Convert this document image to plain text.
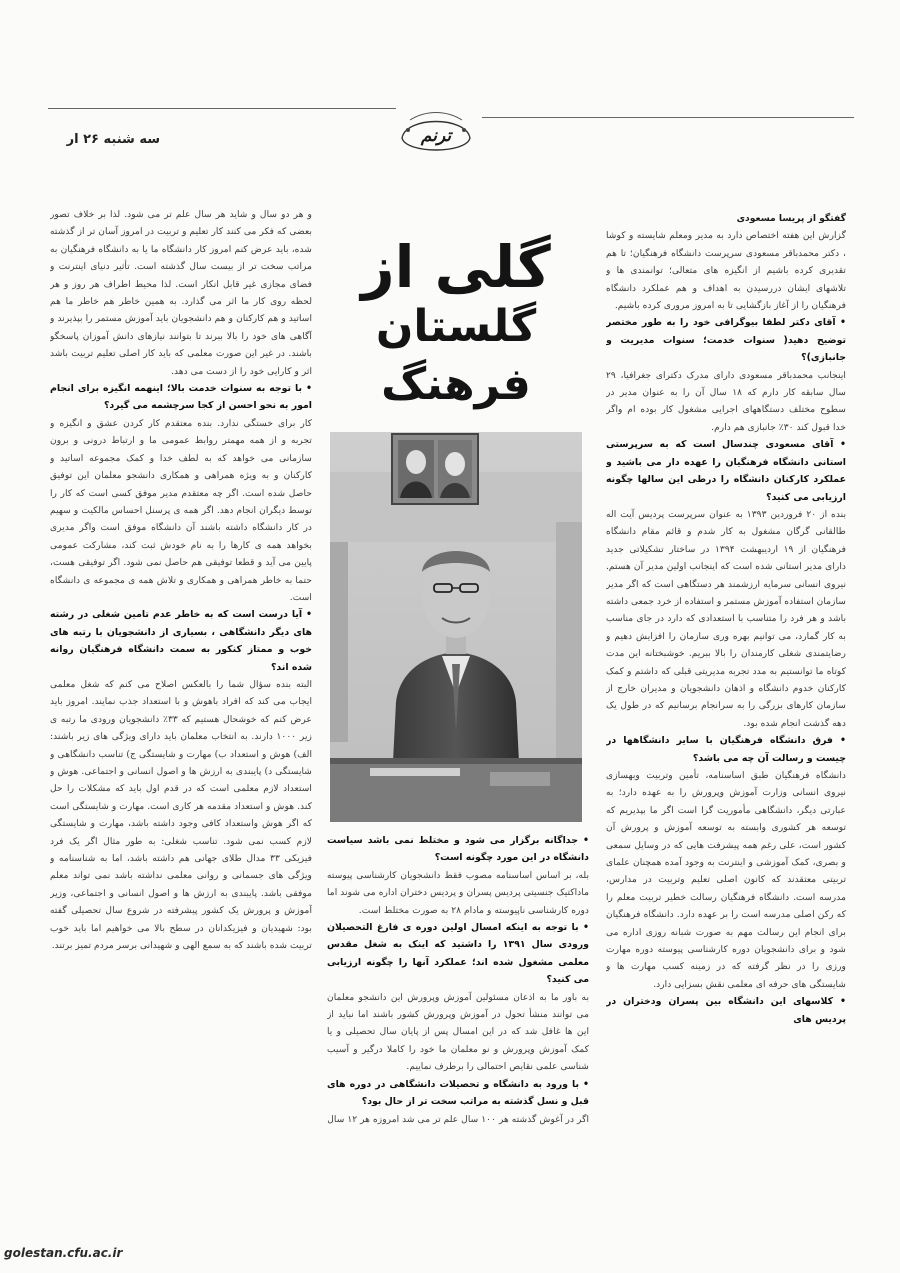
سه شنبه ۲۶ ار	ترنم

گفتگو از پریسا مسعودی

گزارش این هفته اختصاص دارد به مدیر ومعلم شایسته و کوشا ، دکتر محمدباقر مسعودی سرپرست دانشگاه فرهنگیان؛ تا هم تقدیری کرده باشیم از انگیزه های متعالی؛ توانمندی ها و تلاشهای ایشان دررسیدن به اهداف و هم عملکرد دانشگاه فرهنگیان را از آغاز بازگشایی تا به امروز مروری کرده باشیم.

• آقای دکتر لطفا بیوگرافی خود را به طور مختصر توضیح دهید( سنوات خدمت؛ سنوات مدیریت و جانبازی)؟

اینجانب محمدباقر مسعودی دارای مدرک دکترای جغرافیا، ۲۹ سال سابقه کار دارم که ۱۸ سال آن را به عنوان مدیر در سطوح مختلف دستگاههای اجرایی مشغول کار بوده ام واگر خدا قبول کند ۳۰٪ جانبازی هم دارم.

• آقای مسعودی چندسال است که به سرپرستی استانی دانشگاه فرهنگیان را عهده دار می باشید و عملکرد کارکنان دانشگاه را درطی این سالها چگونه ارزیابی می کنید؟

بنده از ۲۰ فروردین ۱۳۹۳ به عنوان سرپرست پردیس آیت اله طالقانی گرگان مشغول به کار شدم و قائم مقام دانشگاه فرهنگیان از ۱۹ اردیبهشت ۱۳۹۴ در ساختار تشکیلاتی جدید دارای مدیر استانی شده است که اینجانب اولین مدیر آن هستم. نیروی انسانی سرمایه ارزشمند هر دستگاهی است که اگر مدیر سازمان استفاده آموزش مستمر و استفاده از خرد جمعی داشته باشد و هر فرد را متناسب با استعدادی که دارد در جای مناسب به کار گمارد، می توانیم بهره وری سازمان را افزایش دهیم و رضایتمندی شغلی کارمندان را بالا ببریم. خوشبختانه این مدت کوتاه ما توانستیم به مدد تجربه مدیریتی قبلی که داشتم و کمک کارکنان خدوم دانشگاه و اذهان دانشجویان و مدیران خارج از سازمان کارهای بزرگی را به سرانجام برسانیم که در طول یک دهه گذشت انجام شده بود.

• فرق دانشگاه فرهنگیان با سایر دانشگاهها در چیست و رسالت آن چه می باشد؟

دانشگاه فرهنگیان طبق اساسنامه، تأمین وتربیت وبهسازی نیروی انسانی وزارت آموزش وپرورش را به عهده دارد؛ به عبارتی دیگر، دانشگاهی مأموریت گرا است اگر ما بپذیریم که توسعه هر کشوری وابسته به توسعه آموزش و پرورش آن کشور است، علی رغم همه پیشرفت هایی که در وسایل سمعی و بصری، کمک آموزشی و اینترنت به وجود آمده همچنان علمای تربیتی معتقدند که کانون اصلی تعلیم وتربیت در مدارس، مدرسه است. دانشگاه فرهنگیان رسالت خطیر تربیت معلم را که رکن اصلی مدرسه است را بر عهده دارد. دانشگاه فرهنگیان برای انجام این رسالت مهم به صورت شبانه روزی اداره می شود و برای دانشجویان دوره کارشناسی پیوسته دوره مهارت ورزی را در نظر گرفته که در زمینه کسب مهارت ها و شایستگی های حرفه ای معلمی نقش بسزایی دارد.

• کلاسهای این دانشگاه بین پسران ودختران در پردیس های

گلی از
گلستان فرهنگ

• جداگانه برگزار می شود و مختلط نمی باشد سیاست دانشگاه در این مورد چگونه است؟

بله، بر اساس اساسنامه مصوب فقط دانشجویان کارشناسی پیوسته ماداکتیک جنسیتی پردیس پسران و پردیس دختران اداره می شوند اما دوره کارشناسی ناپیوسته و مادام ۲۸ به صورت مختلط است.

• با توجه به اینکه امسال اولین دوره ی فارغ التحصیلان ورودی سال ۱۳۹۱ را داشتید که اینک به شغل مقدس معلمی مشغول شده اند؛ عملکرد آنها را چگونه ارزیابی می کنید؟

به باور ما به اذعان مسئولین آموزش وپرورش این دانشجو معلمان می توانند منشأ تحول در آموزش وپرورش کشور باشند اما نباید از این ها غافل شد که در این امسال پس از پایان سال تحصیلی و یا کمک آموزش وپرورش و نو معلمان ما خود را کاملا درگیر و آسیب شناسی علمی نقایص احتمالی را برطرف نماییم.

• با ورود به دانشگاه و تحصیلات دانشگاهی در دوره های قبل و نسل گذشته به مراتب سخت تر از حال بود؟

اگر در آغوش گذشته هر ۱۰۰ سال علم تر می شد امروزه هر ۱۲ سال

و هر دو سال و شاید هر سال علم تر می شود. لذا بر خلاف تصور بعضی که فکر می کنند کار تعلیم و تربیت در امروز آسان تر از گذشته شده، باید عرض کنم امروز کار دانشگاه ما یا به دانشگاه فرهنگیان به مراتب سخت تر از بیست سال گذشته است. تأثیر دنیای اینترنت و فضای مجازی غیر قابل انکار است. لذا محیط اطراف هر روز و هر لحظه روی کار ما اثر می گذارد. به همین خاطر هم خاطر ما هم اساتید و هم کارکنان و هم دانشجویان باید آموزش مستمر را بپذیرند و آگاهی های خود را بالا ببرند تا بتوانند نیازهای دانش آموزان پاسخگو باشند. در غیر این صورت معلمی که باید کار اصلی تعلیم تربیت باشد اثر و کارایی خود را از دست می دهد.

• با توجه به سنوات خدمت بالا؛ اینهمه انگیزه برای انجام امور به نحو احسن از کجا سرچشمه می گیرد؟

کار برای خستگی ندارد. بنده معتقدم کار کردن عشق و انگیزه و تجربه و از همه مهمتر روابط عمومی ما و ارتباط درونی و برون سازمانی می خواهد که به لطف خدا و کمک مجموعه اساتید و کارکنان و به ویژه همراهی و همکاری دانشجو معلمان این توفیق حاصل شده است. اگر چه معتقدم مدیر موفق کسی است که کار را توسط دیگران انجام دهد. اگر همه ی پرسنل احساس مالکیت و سهیم در کار دانشگاه داشته باشند آن دانشگاه موفق است واگر مدیری بخواهد همه ی کارها را به نام خودش ثبت کند، مشارکت عمومی پایین می آید و قطعا توفیقی هم حاصل نمی شود. اگر توفیقی هست، حتما به خاطر همراهی و همکاری و تلاش همه ی مجموعه ی دانشگاه است.

• آیا درست است که به خاطر عدم تامین شغلی در رشته های دیگر دانشگاهی ، بسیاری از دانشجویان با رتبه های خوب و ممتاز کنکور به سمت دانشگاه فرهنگیان روانه شده اند؟

البته بنده سؤال شما را بالعکس اصلاح می کنم که شغل معلمی ایجاب می کند که افراد باهوش و با استعداد جذب نمایند. امروز باید عرض کنم که خوشحال هستیم که ۳۳٪ دانشجویان ورودی ما رتبه ی زیر ۱۰۰۰ دارند. به انتخاب معلمان باید دارای ویژگی های زیر باشند: الف) هوش و استعداد ب) مهارت و شایستگی ج) تناسب دانشگاهی و شایستگی د) پایبندی به ارزش ها و اصول انسانی و اجتماعی. هوش و استعداد لازم معلمی است که در قدم اول باید که مشکلات را حل کند. هوش و استعداد مقدمه هر کاری است. مهارت و شایستگی است که اگر هوش واستعداد کافی وجود داشته باشد، مهارت و شایستگی لازم کسب نمی شود. تناسب شغلی: به طور مثال اگر یک فرد فیزیکی ۳۳ مدال طلای جهانی هم داشته باشد، اما به شناسنامه و ویژگی های جسمانی و روانی معلمی نداشته باشد نمی تواند معلم موفقی باشد. پایبندی به ارزش ها و اصول انسانی و اجتماعی، وزیر آموزش و پرورش یک کشور پیشرفته در شروع سال تحصیلی گفته بود: شهیدیان و فیزیکدانان در سطح بالا می خواهیم اما باید خوب تربیت شده باشند که به سمع الهی و شهیدانی برسر مردم تمیز برتند.

golestan.cfu.ac.ir
